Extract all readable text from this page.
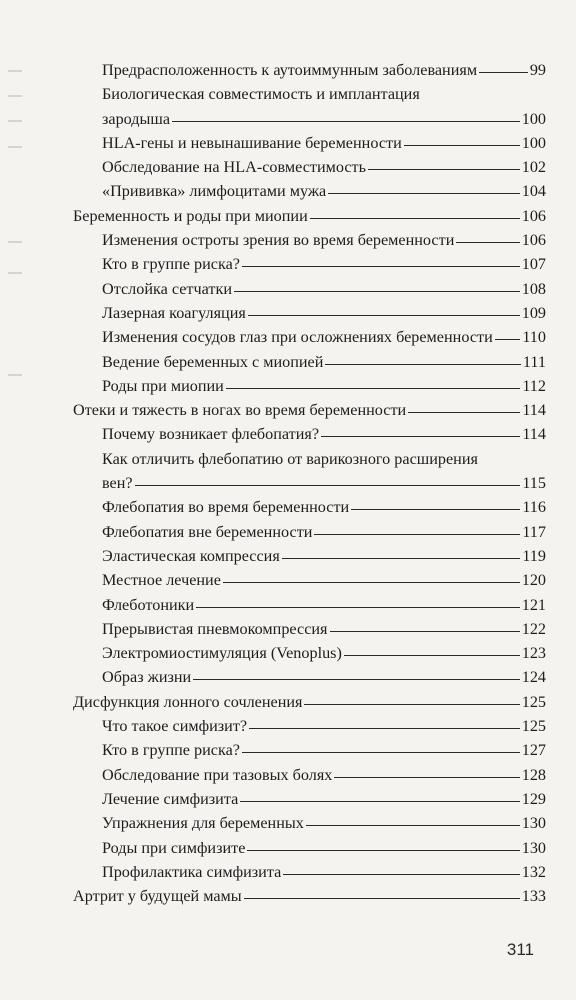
Предрасположенность к аутоиммунным заболеваниям	99
Биологическая совместимость и имплантация
зародыша	100
HLA-гены и невынашивание беременности	100
Обследование на HLA-совместимость	102
«Прививка» лимфоцитами мужа	104
Беременность и роды при миопии	106
Изменения остроты зрения во время беременности	106
Кто в группе риска?	107
Отслойка сетчатки	108
Лазерная коагуляция	109
Изменения сосудов глаз при осложнениях беременности 110
Ведение беременных с миопией	111
Роды при миопии	112
Отеки и тяжесть в ногах во время беременности	114
Почему возникает флебопатия?	114
Как отличить флебопатию от варикозного расширения
вен?	115
Флебопатия во время беременности	116
Флебопатия вне беременности	117
Эластическая компрессия	119
Местное лечение	120
Флеботоники	121
Прерывистая пневмокомпрессия	122
Электромиостимуляция (Venoplus)	123
Образ жизни	124
Дисфункция лонного сочленения	125
Что такое симфизит?	125
Кто в группе риска?	127
Обследование при тазовых болях	128
Лечение симфизита	129
Упражнения для беременных	130
Роды при симфизите	130
Профилактика симфизита	132
Артрит у будущей мамы	133
311
